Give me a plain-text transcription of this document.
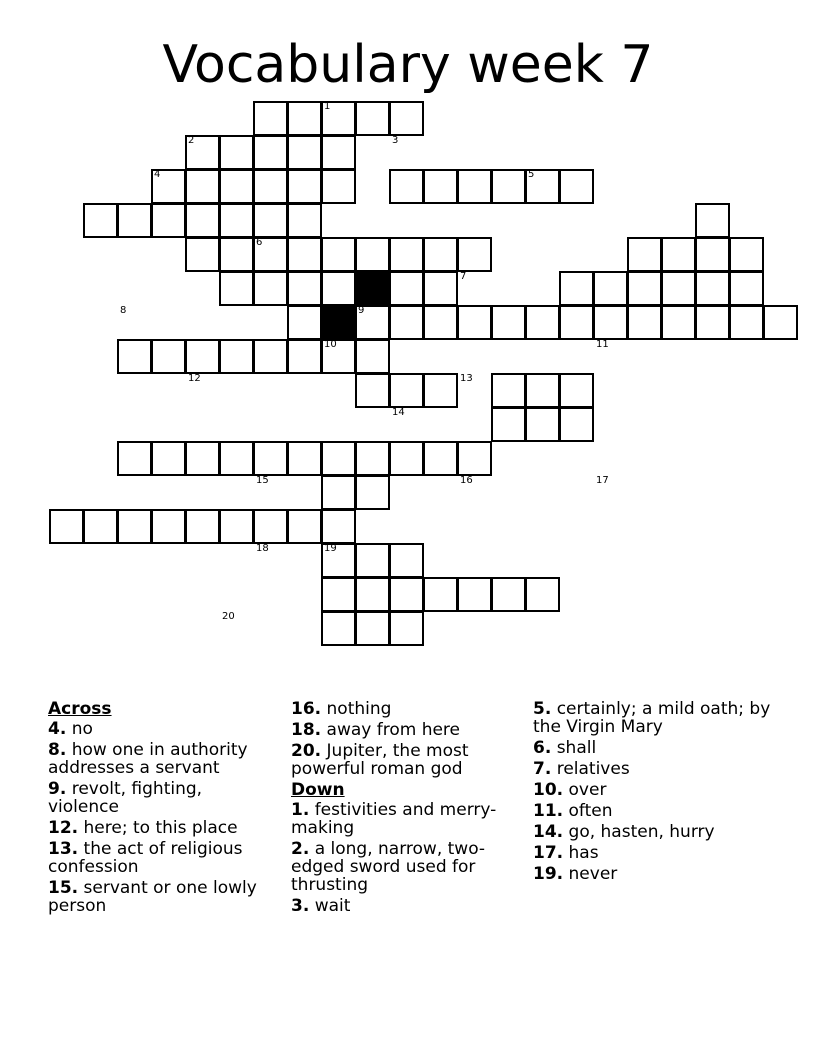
Vocabulary week 7
1
2	3
4	5
6
7
8	9
10	11
12	13
14
15	16	17
18	19
20
Across
4. no
8. how one in authority addresses a servant
9. revolt, fighting, violence
12. here; to this place
13. the act of religious confession
15. servant or one lowly person
16. nothing
18. away from here
20. Jupiter, the most powerful roman god
Down
1. festivities and merry-making
2. a long, narrow, two-edged sword used for thrusting
3. wait
5. certainly; a mild oath; by the Virgin Mary
6. shall
7. relatives
10. over
11. often
14. go, hasten, hurry
17. has
19. never
